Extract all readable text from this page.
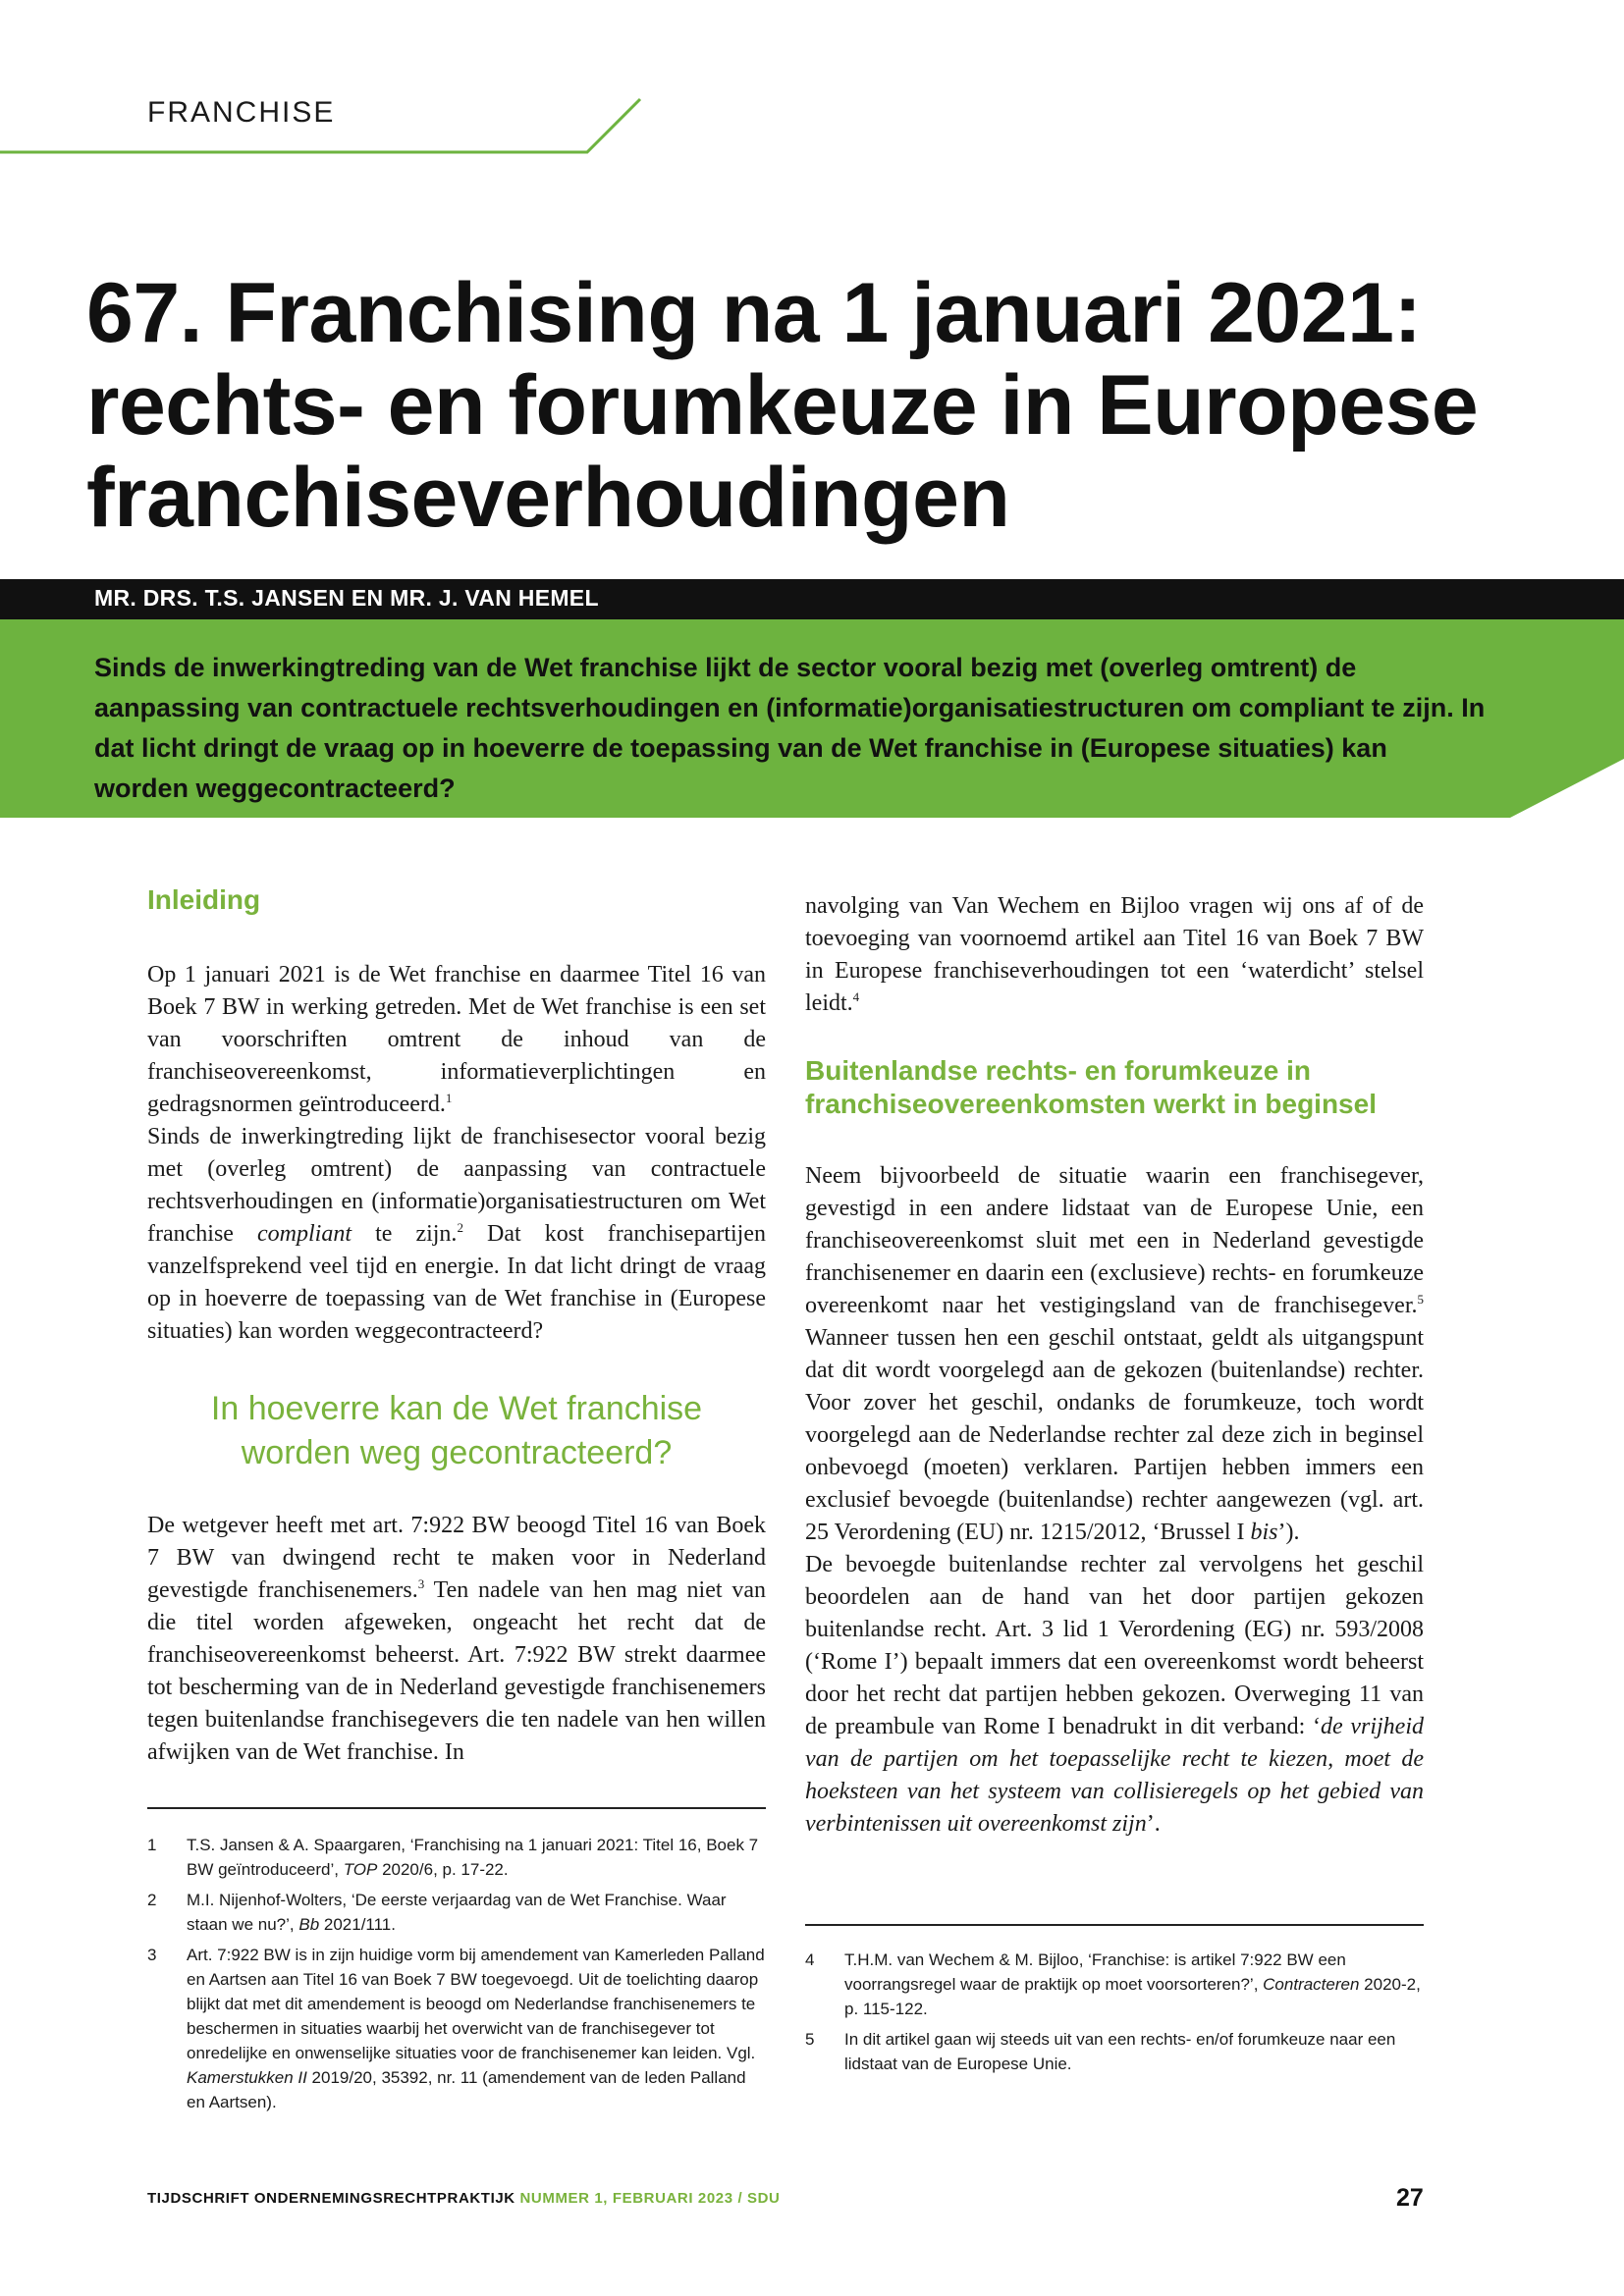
FRANCHISE
67. Franchising na 1 januari 2021: rechts- en forumkeuze in Europese franchiseverhoudingen
MR. DRS. T.S. JANSEN EN MR. J. VAN HEMEL

Sinds de inwerkingtreding van de Wet franchise lijkt de sector vooral bezig met (overleg omtrent) de aanpassing van contractuele rechtsverhoudingen en (informatie)organisatiestructuren om compliant te zijn. In dat licht dringt de vraag op in hoeverre de toepassing van de Wet franchise in (Europese situaties) kan worden weggecontracteerd?

Inleiding

Op 1 januari 2021 is de Wet franchise en daarmee Titel 16 van Boek 7 BW in werking getreden. Met de Wet franchise is een set van voorschriften omtrent de inhoud van de franchiseovereenkomst, informatieverplichtingen en gedragsnormen geïntroduceerd.$^1$

Sinds de inwerkingtreding lijkt de franchisesector vooral bezig met (overleg omtrent) de aanpassing van contractuele rechtsverhoudingen en (informatie)organisatiestructuren om Wet franchise compliant te zijn.$^2$ Dat kost franchisepartijen vanzelfsprekend veel tijd en energie. In dat licht dringt de vraag op in hoeverre de toepassing van de Wet franchise in (Europese situaties) kan worden weggecontracteerd?

In hoeverre kan de Wet franchise
worden weg gecontracteerd?

De wetgever heeft met art. 7:922 BW beoogd Titel 16 van Boek 7 BW van dwingend recht te maken voor in Nederland gevestigde franchisenemers.$^3$ Ten nadele van hen mag niet van die titel worden afgeweken, ongeacht het recht dat de franchiseovereenkomst beheerst. Art. 7:922 BW strekt daarmee tot bescherming van de in Nederland gevestigde franchisenemers tegen buitenlandse franchisegevers die ten nadele van hen willen afwijken van de Wet franchise. In

1	T.S. Jansen & A. Spaargaren, ‘Franchising na 1 januari 2021: Titel 16, Boek 7 BW geïntroduceerd’, TOP 2020/6, p. 17-22.
2	M.I. Nijenhof-Wolters, ‘De eerste verjaardag van de Wet Franchise. Waar staan we nu?’, Bb 2021/111.
3	Art. 7:922 BW is in zijn huidige vorm bij amendement van Kamerleden Palland en Aartsen aan Titel 16 van Boek 7 BW toegevoegd. Uit de toelichting daarop blijkt dat met dit amendement is beoogd om Nederlandse franchisenemers te beschermen in situaties waarbij het overwicht van de franchisegever tot onredelijke en onwenselijke situaties voor de franchisenemer kan leiden. Vgl. Kamerstukken II 2019/20, 35392, nr. 11 (amendement van de leden Palland en Aartsen).

navolging van Van Wechem en Bijloo vragen wij ons af of de toevoeging van voornoemd artikel aan Titel 16 van Boek 7 BW in Europese franchiseverhoudingen tot een ‘waterdicht’ stelsel leidt.$^4$

Buitenlandse rechts- en forumkeuze in franchiseovereenkomsten werkt in beginsel

Neem bijvoorbeeld de situatie waarin een franchisegever, gevestigd in een andere lidstaat van de Europese Unie, een franchiseovereenkomst sluit met een in Nederland gevestigde franchisenemer en daarin een (exclusieve) rechts- en forumkeuze overeenkomt naar het vestigingsland van de franchisegever.$^5$ Wanneer tussen hen een geschil ontstaat, geldt als uitgangspunt dat dit wordt voorgelegd aan de gekozen (buitenlandse) rechter. Voor zover het geschil, ondanks de forumkeuze, toch wordt voorgelegd aan de Nederlandse rechter zal deze zich in beginsel onbevoegd (moeten) verklaren. Partijen hebben immers een exclusief bevoegde (buitenlandse) rechter aangewezen (vgl. art. 25 Verordening (EU) nr. 1215/2012, ‘Brussel I bis’).

De bevoegde buitenlandse rechter zal vervolgens het geschil beoordelen aan de hand van het door partijen gekozen buitenlandse recht. Art. 3 lid 1 Verordening (EG) nr. 593/2008 (‘Rome I’) bepaalt immers dat een overeenkomst wordt beheerst door het recht dat partijen hebben gekozen. Overweging 11 van de preambule van Rome I benadrukt in dit verband: ‘de vrijheid van de partijen om het toepasselijke recht te kiezen, moet de hoeksteen van het systeem van collisieregels op het gebied van verbintenissen uit overeenkomst zijn’.

4	T.H.M. van Wechem & M. Bijloo, ‘Franchise: is artikel 7:922 BW een voorrangsregel waar de praktijk op moet voorsorteren?’, Contracteren 2020-2, p. 115-122.
5	In dit artikel gaan wij steeds uit van een rechts- en/of forumkeuze naar een lidstaat van de Europese Unie.
TIJDSCHRIFT ONDERNEMINGSRECHTPRAKTIJK NUMMER 1, FEBRUARI 2023 / SDU	27
